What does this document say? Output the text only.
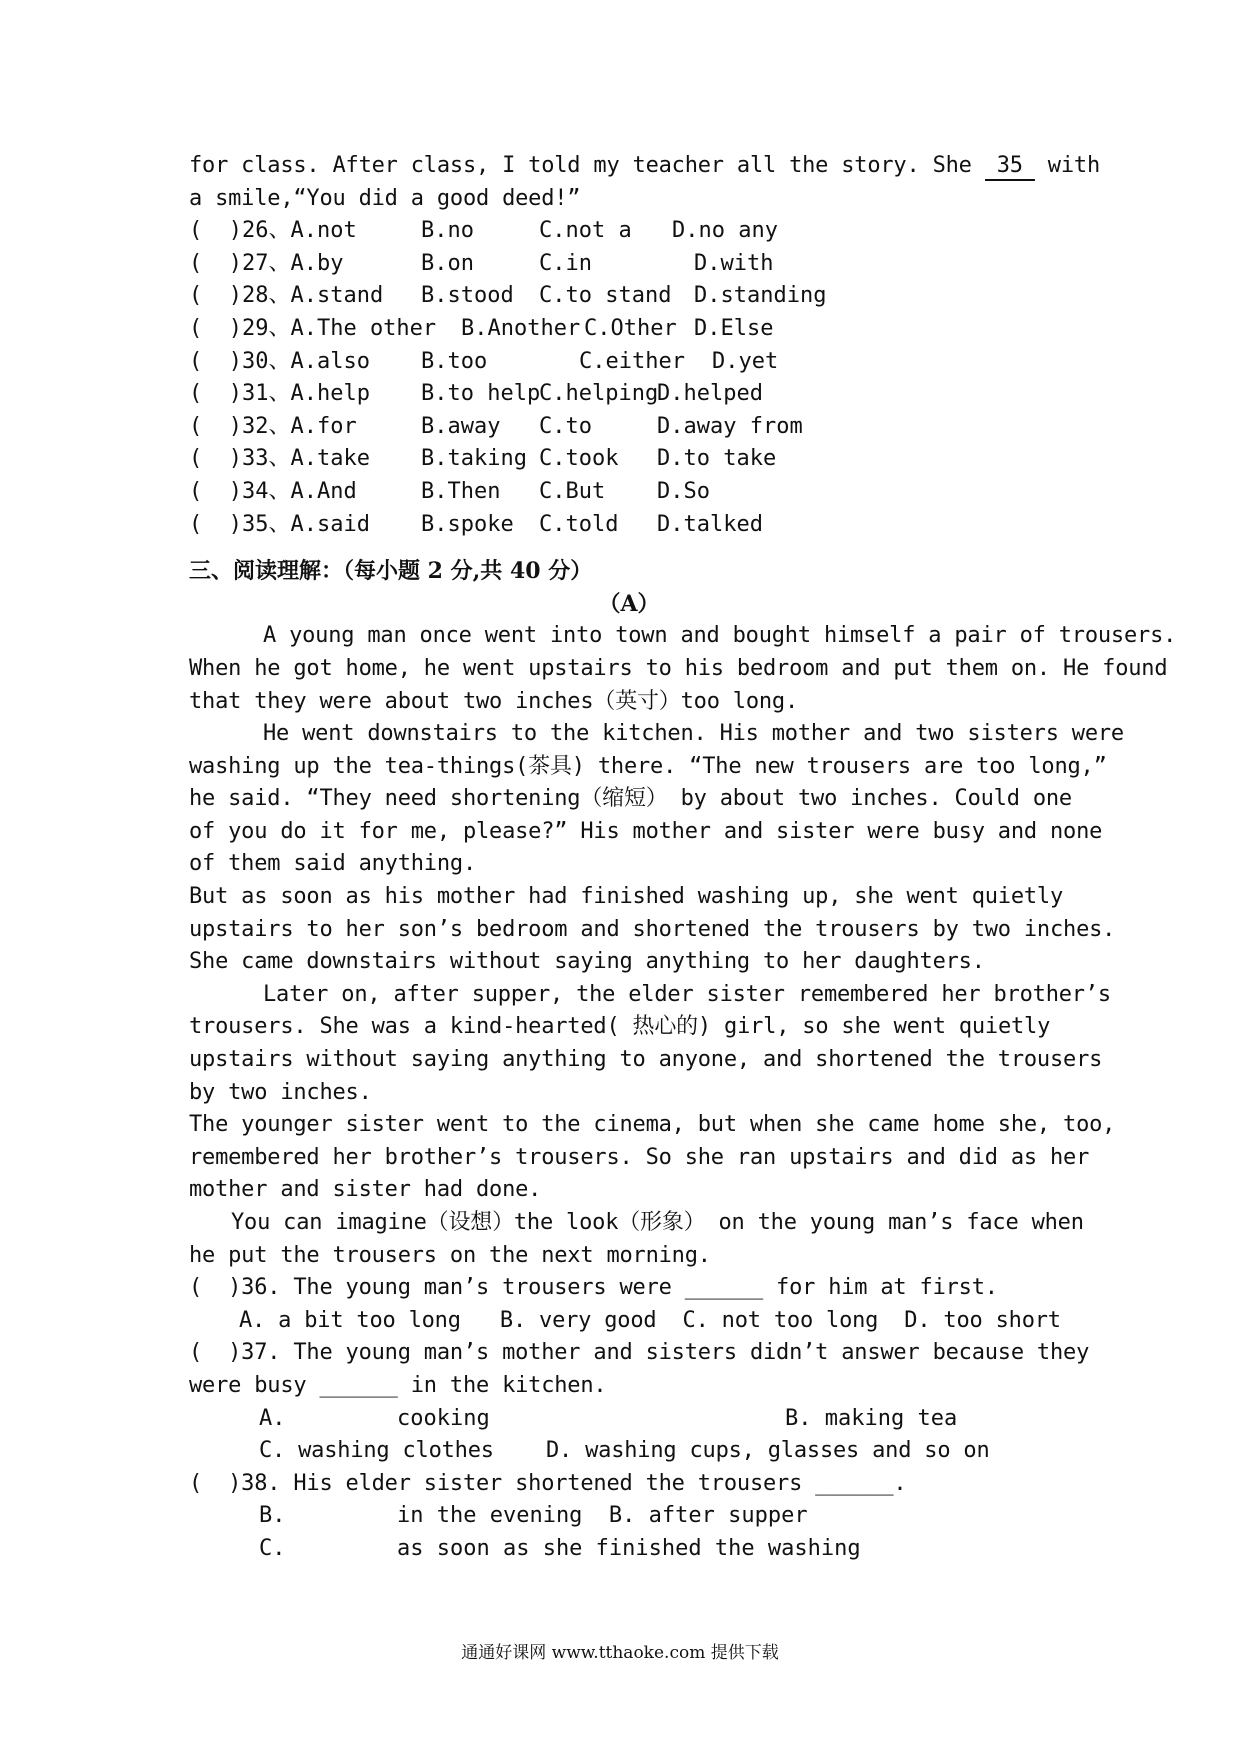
for class. After class, I told my teacher all the story. She 35 with
a smile,“You did a good deed!”

(  )26、A.not

	B.no

	C.not a

D.no any

(  )27、A.by

	B.on

	C.in

	D.with

(  )28、A.stand

B.stood

C.to stand

D.standing

(  )29、A.The other

B.Another

C.Other

D.Else

(  )30、A.also

B.too

	C.either

D.yet

(  )31、A.help

B.to help

C.helping

D.helped

(  )32、A.for

	B.away

C.to

	D.away from

(  )33、A.take

B.taking

C.took

D.to take

(  )34、A.And

	B.Then

C.But

D.So

(  )35、A.said

B.spoke

C.told

D.talked

三、阅读理解：（每小题 2 分,共 40 分）
（A）
A young man once went into town and bought himself a pair of trousers.
When he got home, he went upstairs to his bedroom and put them on. He found
that they were about two inches（英寸）too long.
He went downstairs to the kitchen. His mother and two sisters were
washing up the tea-things(茶具) there. “The new trousers are too long,”
he said. “They need shortening（缩短） by about two inches. Could one
of you do it for me, please?” His mother and sister were busy and none
of them said anything.
But as soon as his mother had finished washing up, she went quietly
upstairs to her son’s bedroom and shortened the trousers by two inches.
She came downstairs without saying anything to her daughters.
Later on, after supper, the elder sister remembered her brother’s
trousers. She was a kind-hearted( 热心的) girl, so she went quietly
upstairs without saying anything to anyone, and shortened the trousers
by two inches.
The younger sister went to the cinema, but when she came home she, too,
remembered her brother’s trousers. So she ran upstairs and did as her
mother and sister had done.
You can imagine（设想）the look（形象） on the young man’s face when
he put the trousers on the next morning.
(  )36. The young man’s trousers were ______ for him at first.
A. a bit too long   B. very good  C. not too long  D. too short
(  )37. The young man’s mother and sisters didn’t answer because they
were busy ______ in the kitchen.

A.

	cooking

	B. making tea

C. washing clothes    D. washing cups, glasses and so on
(  )38. His elder sister shortened the trousers ______.

B.

	in the evening  B. after supper

C.

	as soon as she finished the washing

通通好课网 www.tthaoke.com 提供下载
